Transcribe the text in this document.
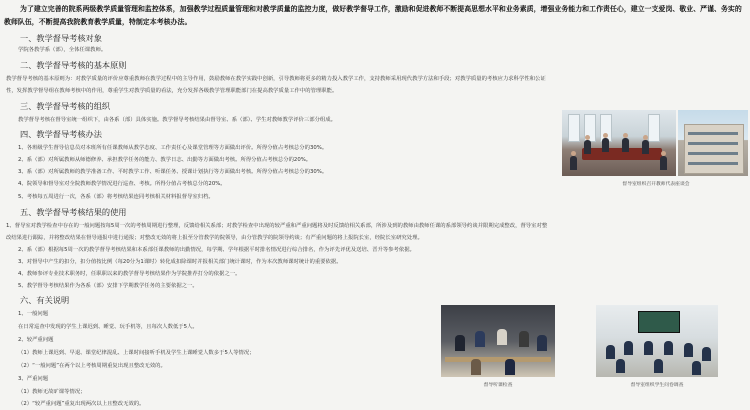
为了建立完善的院系两级教学质量管理和监控体系，加强教学过程质量管理和对教学质量的监控力度，做好教学督导工作，激励和促进教师不断提高思想水平和业务素质，增强业务能力和工作责任心，建立一支爱岗、敬业、严谨、务实的教师队伍，不断提高我院教育教学质量，特制定本考核办法。
一、教学督导考核对象
学院各教学系（部），全体任课教师。
二、教学督导考核的基本原则
教学督导考核的基本原则为：对教学质量的评价应尊重教师在教学过程中的主导作用，鼓励教师在教学实践中创新，引导教师将更多的精力投入教学工作，支持教师采用现代教学方法和手段；对教学质量的考核应力求科学性和公证
性，发挥教学督导组在教师考核中的作用，尊重学生对教学质量的看法，充分发挥各级教学管理职能部门在提高教学质量工作中的管理职能。
三、教学督导考核的组织
教学督导考核在督导室统一组织下，由各系（部）具体实施。教学督导考核结果由督导室、系（部）、学生对教师教学评价三部分组成。
四、教学督导考核办法
1、各班级学生督导信息员对本班所有任课教师从教学态度、工作责任心及课堂管理等方面做出评价。所得分值占考核总分的30%。
2、系（部）对所属教师从师德修养、承担教学任务的能力、教学日志、出勤等方面做出考核。所得分值占考核总分的20%。
3、系（部）对所属教师的教学准备工作、平时教学工作、听课任务、授课计划执行等方面做出考核。所得分值占考核总分的30%。
4、院领导和督导室对全院教师教学情况进行巡查、考核。所得分值占考核总分的20%。
5、考核每五周进行一次，各系（部）将考核结果连同考核相关材料报督导室归档。
五、教学督导考核结果的使用
1、督导室对教学检查中存在的一般问题按每5周一次的考核周期进行整理，反馈给相关系部；对教学检查中出现的较严重和严重问题将及时反馈给相关系部，所涉及到的教师由教师任课的系部领导约谈并限期完成整改，督导室对整
改结果进行跟踪，并将整改结果在督导通报中进行通报；对整改无效的将上报至分管教学的院领导，由分管教学的院领导约谈；有严重问题的将上报院长室，经院长室研究处理。
2、系（部）根据每5周一次的教学督导考核结果和本系部任课教师的出勤情况，每学期、学年根据平时排名情况进行综合排名，作为评先评优及送培、晋升等参考依据。
3、对督导中产生的扣分，扣分值按比例（每20分为1课时）转化成扣除课时并报相关部门统计课时，作为本次教师课时统计的重要依据。
4、教师参评专业技术职务时，任职职以来的教学督导考核结果作为学院推荐打分的依据之一。
5、教学督导考核结果作为各系（部）安排下学期教学任务的主要依据之一。
六、有关说明
1、一般问题
在日常巡查中发现的学生上课迟到、睡觉、玩手机等，且每次人数低于5人。
2、较严重问题
（1）教师上课迟到、早退、课堂纪律混乱、上课时间接听手机及学生上课睡觉人数多于5人等情况；
（2）“一般问题”在两个以上考核周期重复出现且整改无效的。
3、严重问题
（1）教师无故旷课等情况；
（2）“较严重问题”重复出现两次以上且整改无效的。
督导室组织召开教师代表座谈会
督导听课检查	督导室组织学生问卷调查
